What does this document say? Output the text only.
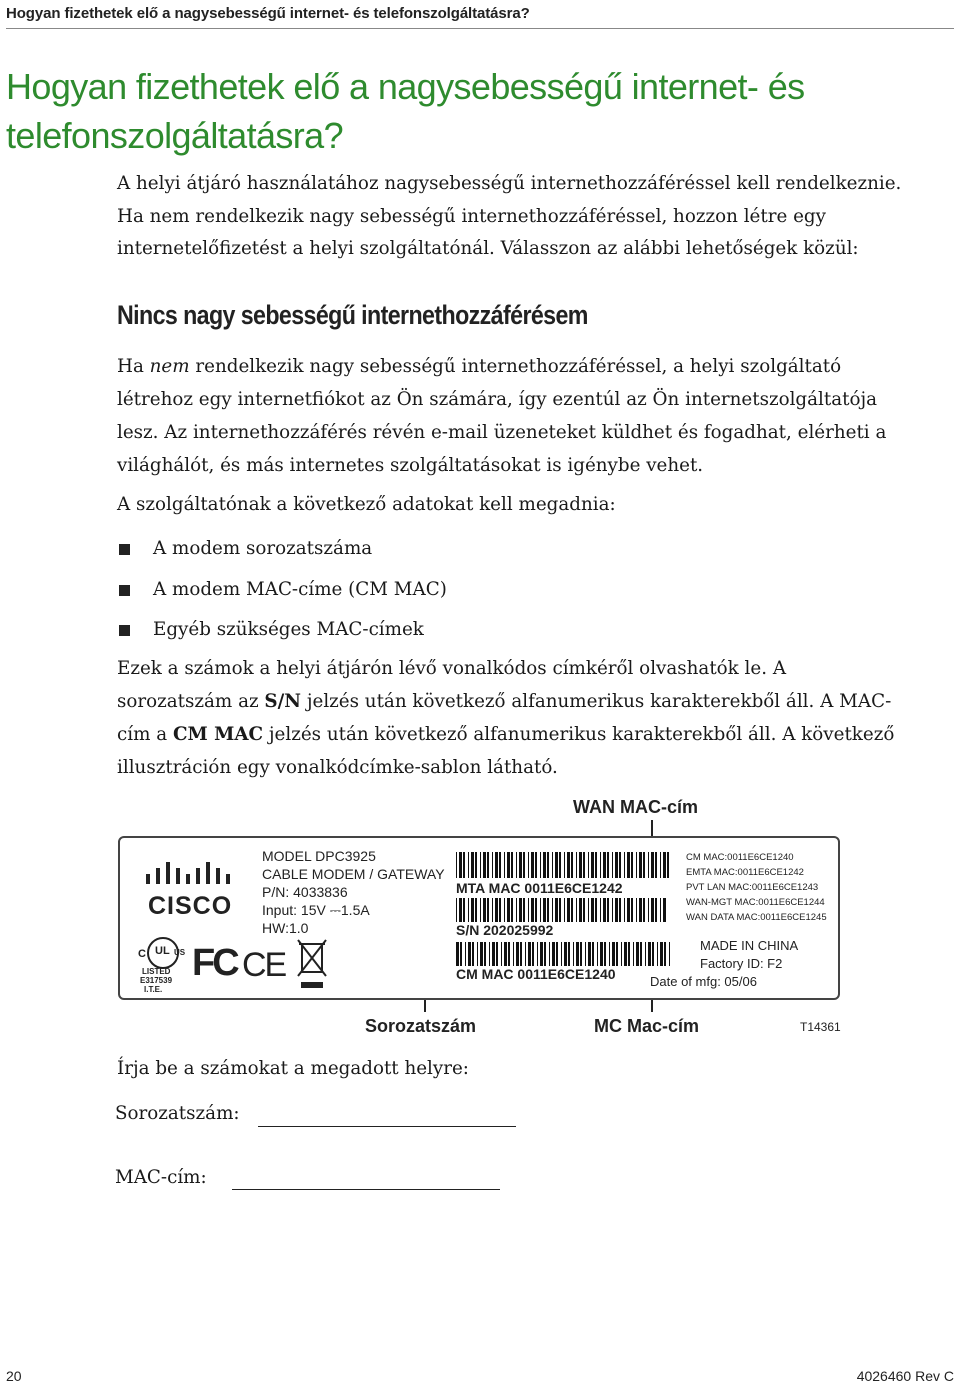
Hogyan fizethetek elő a nagysebességű internet- és telefonszolgáltatásra?
Hogyan fizethetek elő a nagysebességű internet- és
telefonszolgáltatásra?
A helyi átjáró használatához nagysebességű internethozzáféréssel kell rendelkeznie.
Ha nem rendelkezik nagy sebességű internethozzáféréssel, hozzon létre egy
internetelőfizetést a helyi szolgáltatónál. Válasszon az alábbi lehetőségek közül:
Nincs nagy sebességű internethozzáférésem
Ha nem rendelkezik nagy sebességű internethozzáféréssel, a helyi szolgáltató
létrehoz egy internetfiókot az Ön számára, így ezentúl az Ön internetszolgáltatója
lesz. Az internethozzáférés révén e-mail üzeneteket küldhet és fogadhat, elérheti a
világhálót, és más internetes szolgáltatásokat is igénybe vehet.
A szolgáltatónak a következő adatokat kell megadnia:
A modem sorozatszáma
A modem MAC-címe (CM MAC)
Egyéb szükséges MAC-címek
Ezek a számok a helyi átjárón lévő vonalkódos címkéről olvashatók le. A
sorozatszám az S/N jelzés után következő alfanumerikus karakterekből áll. A MAC-
cím a CM MAC jelzés után következő alfanumerikus karakterekből áll. A következő
illusztráción egy vonalkódcímke-sablon látható.
WAN MAC-cím
Sorozatszám	MC Mac-cím	T14361
CISCO
C UL US
LISTED
E317539
I.T.E.
FC CE
MODEL DPC3925
CABLE MODEM / GATEWAY
P/N: 4033836
Input: 15V ⎓1.5A
HW:1.0
MTA MAC 0011E6CE1242
S/N 202025992
CM MAC 0011E6CE1240
CM MAC:0011E6CE1240
EMTA MAC:0011E6CE1242
PVT LAN MAC:0011E6CE1243
WAN-MGT MAC:0011E6CE1244
WAN DATA MAC:0011E6CE1245
MADE IN CHINA
Factory ID: F2
Date of mfg: 05/06
Írja be a számokat a megadott helyre:
Sorozatszám:
MAC-cím:
20	4026460 Rev C
